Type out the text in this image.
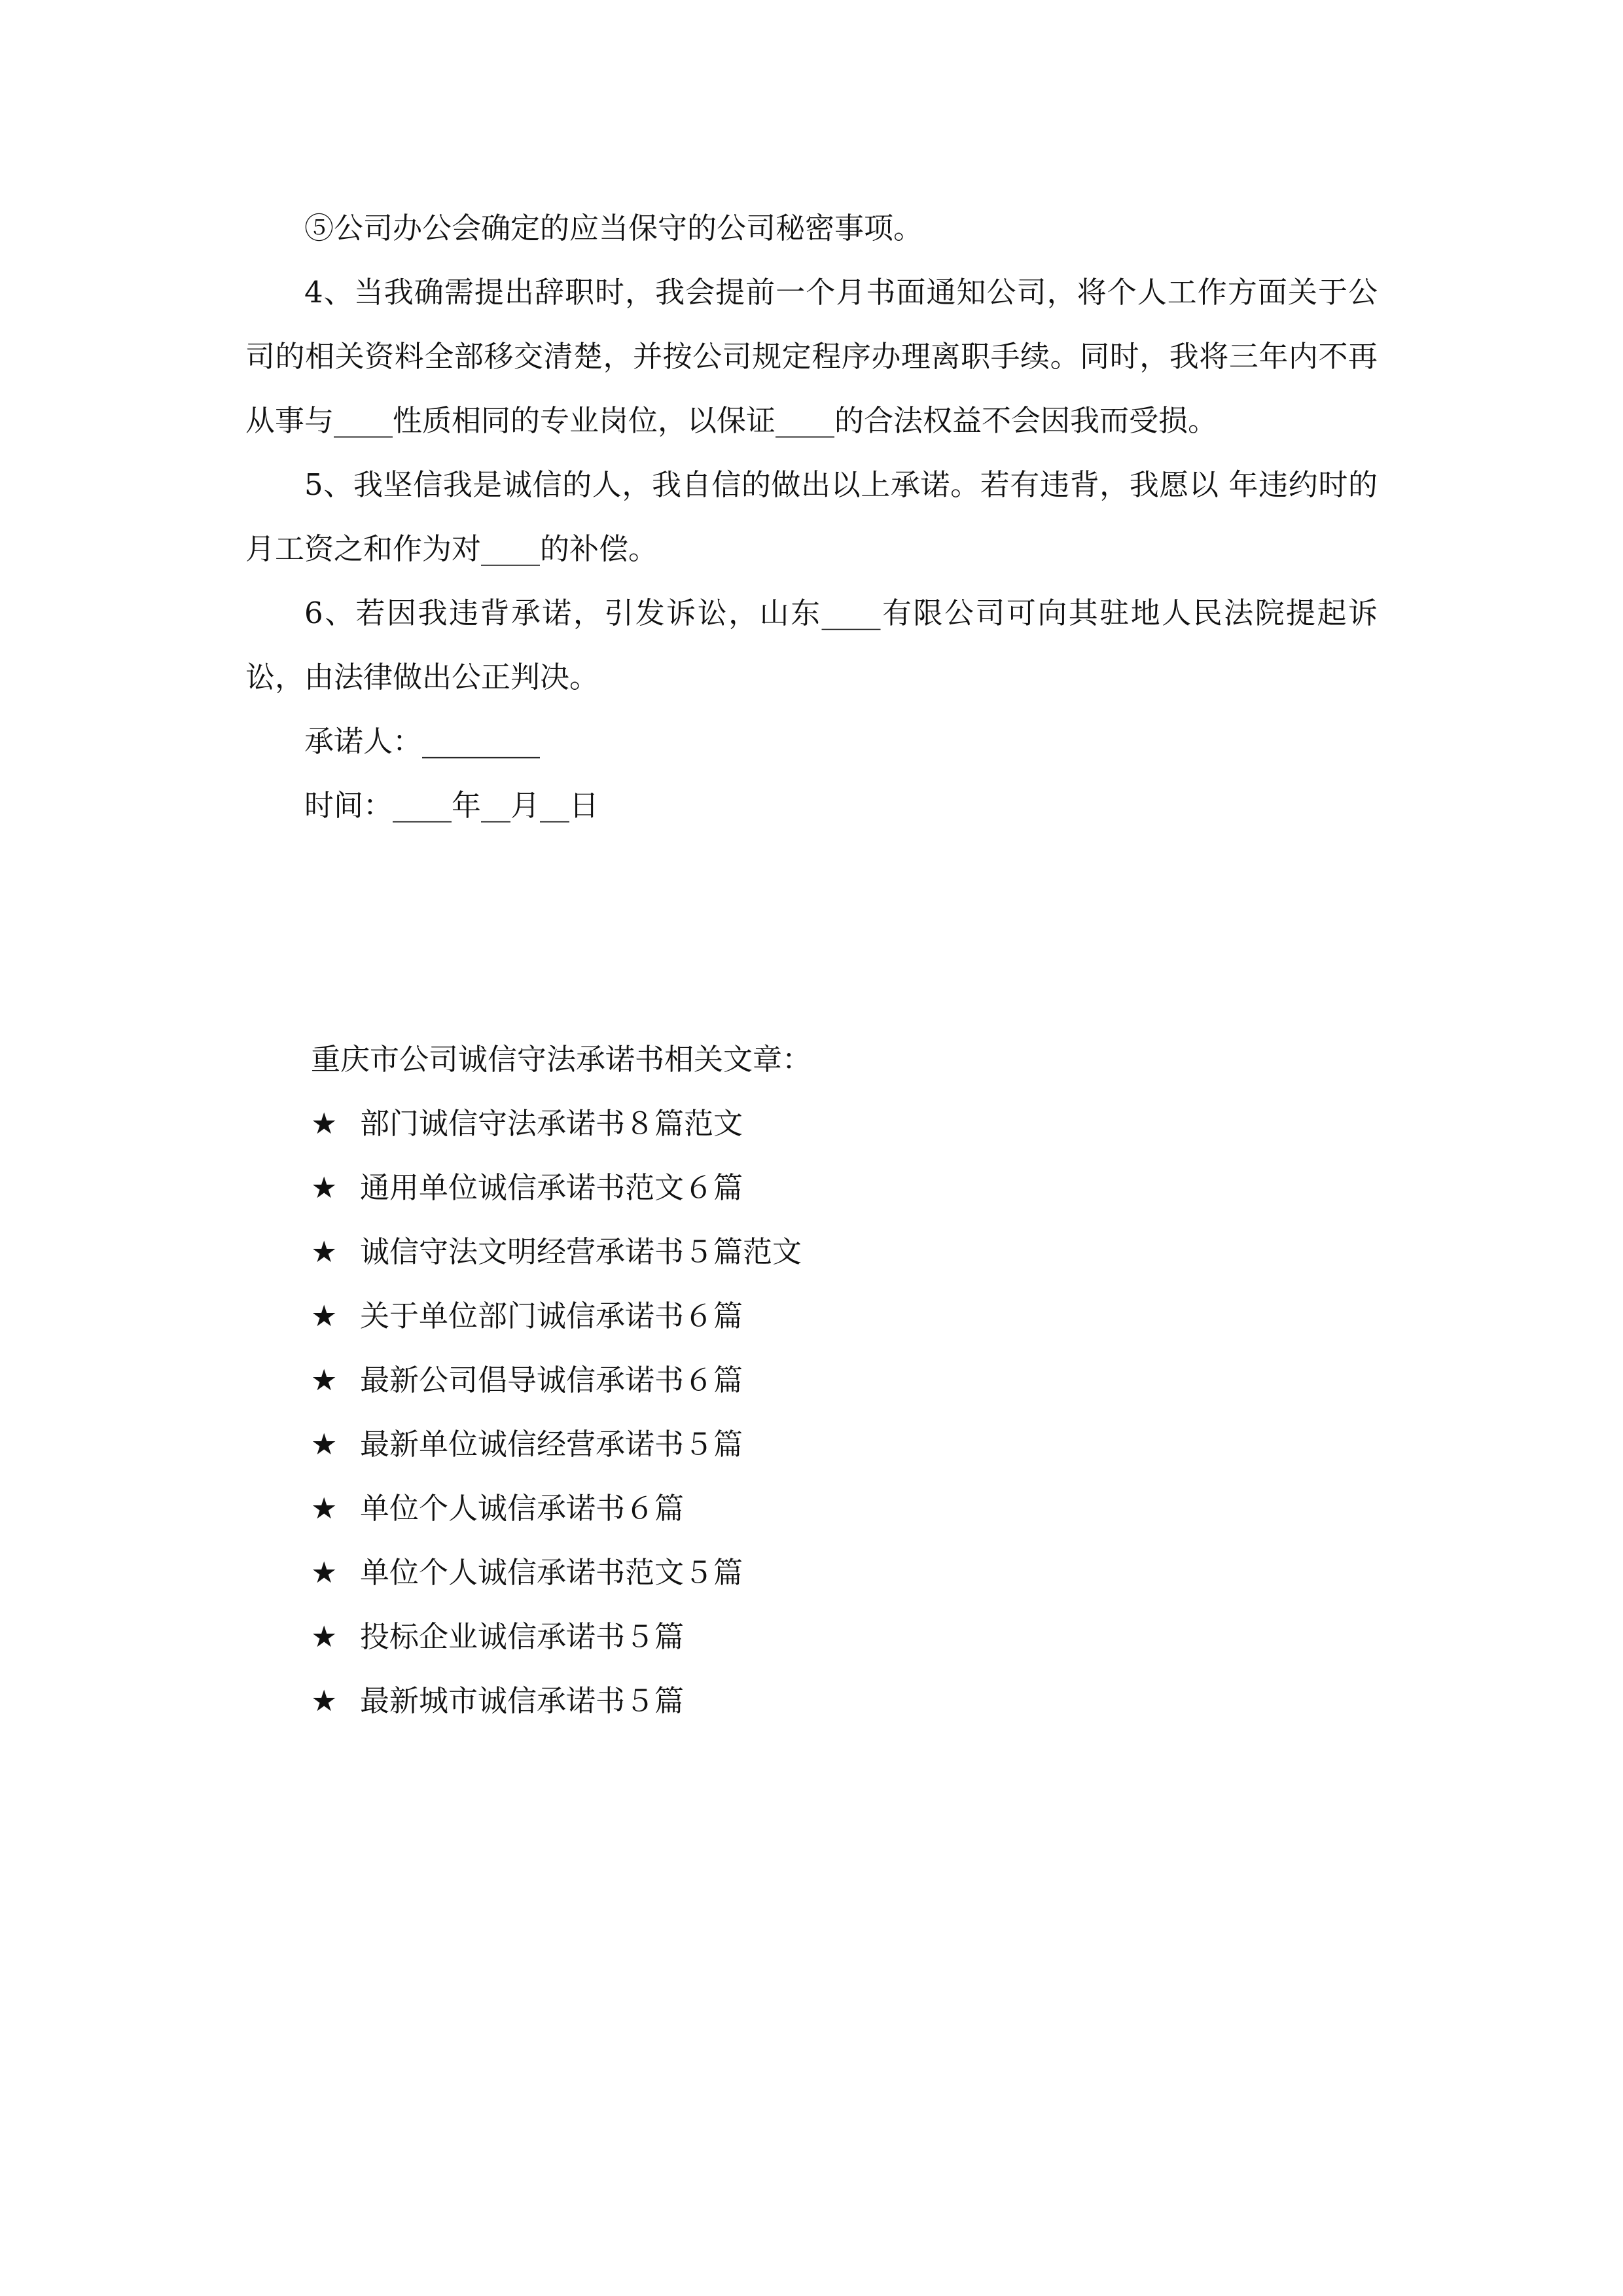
⑤公司办公会确定的应当保守的公司秘密事项。

4、当我确需提出辞职时，我会提前一个月书面通知公司，将个人工作方面关于公司的相关资料全部移交清楚，并按公司规定程序办理离职手续。同时，我将三年内不再从事与____性质相同的专业岗位，以保证____的合法权益不会因我而受损。

5、我坚信我是诚信的人，我自信的做出以上承诺。若有违背，我愿以 年违约时的月工资之和作为对____的补偿。

6、若因我违背承诺，引发诉讼，山东____有限公司可向其驻地人民法院提起诉讼，由法律做出公正判决。

承诺人：________

时间：____年__月__日

重庆市公司诚信守法承诺书相关文章：

★ 部门诚信守法承诺书８篇范文
★ 通用单位诚信承诺书范文６篇
★ 诚信守法文明经营承诺书５篇范文
★ 关于单位部门诚信承诺书６篇
★ 最新公司倡导诚信承诺书６篇
★ 最新单位诚信经营承诺书５篇
★ 单位个人诚信承诺书６篇
★ 单位个人诚信承诺书范文５篇
★ 投标企业诚信承诺书５篇
★ 最新城市诚信承诺书５篇
